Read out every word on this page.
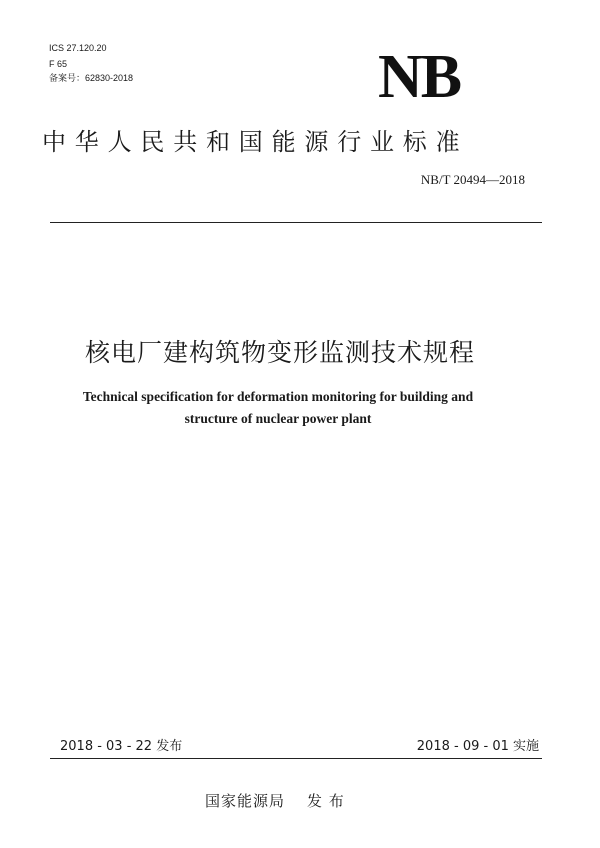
ICS 27.120.20
F 65
备案号：62830-2018	NB
中华人民共和国能源行业标准
NB/T 20494—2018
核电厂建构筑物变形监测技术规程
Technical specification for deformation monitoring for building and
structure of nuclear power plant
2018 - 03 - 22 发布	2018 - 09 - 01 实施
国家能源局 发 布
